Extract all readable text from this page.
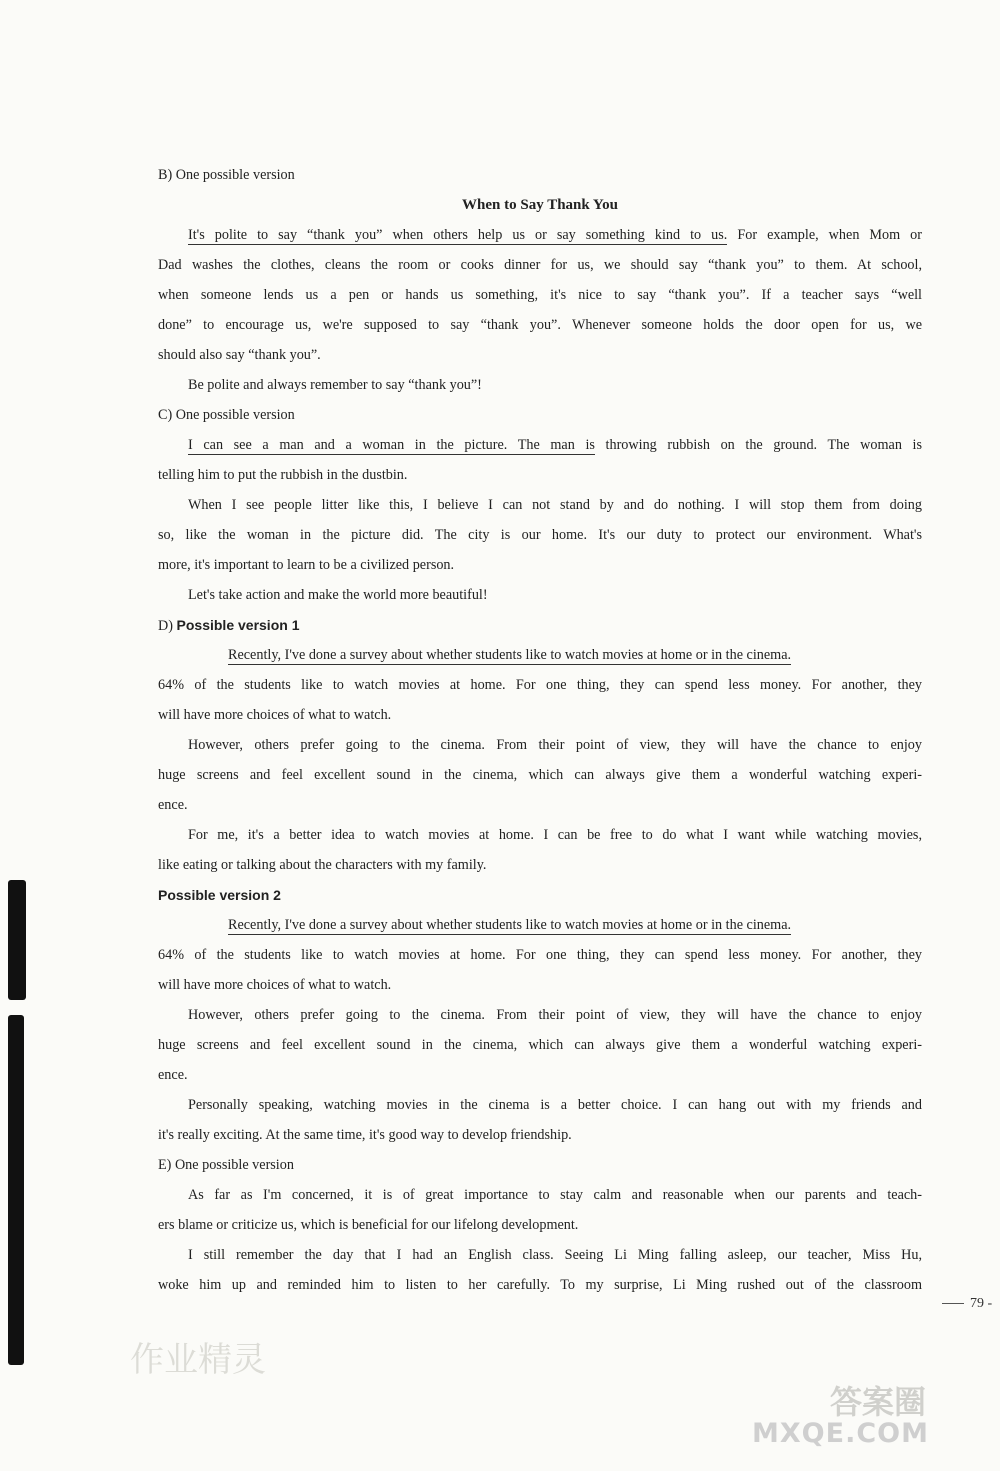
B) One possible version
When to Say Thank You
It's polite to say “thank you” when others help us or say something kind to us. For example, when Mom or
Dad washes the clothes, cleans the room or cooks dinner for us, we should say “thank you” to them. At school,
when someone lends us a pen or hands us something, it's nice to say “thank you”. If a teacher says “well
done” to encourage us, we're supposed to say “thank you”. Whenever someone holds the door open for us, we
should also say “thank you”.
Be polite and always remember to say “thank you”!
C) One possible version
I can see a man and a woman in the picture. The man is throwing rubbish on the ground. The woman is
telling him to put the rubbish in the dustbin.
When I see people litter like this, I believe I can not stand by and do nothing. I will stop them from doing
so, like the woman in the picture did. The city is our home. It's our duty to protect our environment. What's
more, it's important to learn to be a civilized person.
Let's take action and make the world more beautiful!
D) Possible version 1
Recently, I've done a survey about whether students like to watch movies at home or in the cinema.
64% of the students like to watch movies at home. For one thing, they can spend less money. For another, they
will have more choices of what to watch.
However, others prefer going to the cinema. From their point of view, they will have the chance to enjoy
huge screens and feel excellent sound in the cinema, which can always give them a wonderful watching experi-
ence.
For me, it's a better idea to watch movies at home. I can be free to do what I want while watching movies,
like eating or talking about the characters with my family.
Possible version 2
Recently, I've done a survey about whether students like to watch movies at home or in the cinema.
64% of the students like to watch movies at home. For one thing, they can spend less money. For another, they
will have more choices of what to watch.
However, others prefer going to the cinema. From their point of view, they will have the chance to enjoy
huge screens and feel excellent sound in the cinema, which can always give them a wonderful watching experi-
ence.
Personally speaking, watching movies in the cinema is a better choice. I can hang out with my friends and
it's really exciting. At the same time, it's good way to develop friendship.
E) One possible version
As far as I'm concerned, it is of great importance to stay calm and reasonable when our parents and teach-
ers blame or criticize us, which is beneficial for our lifelong development.
I still remember the day that I had an English class. Seeing Li Ming falling asleep, our teacher, Miss Hu,
woke him up and reminded him to listen to her carefully. To my surprise, Li Ming rushed out of the classroom
79 -
作业精灵
答案圈
MXQE.COM
